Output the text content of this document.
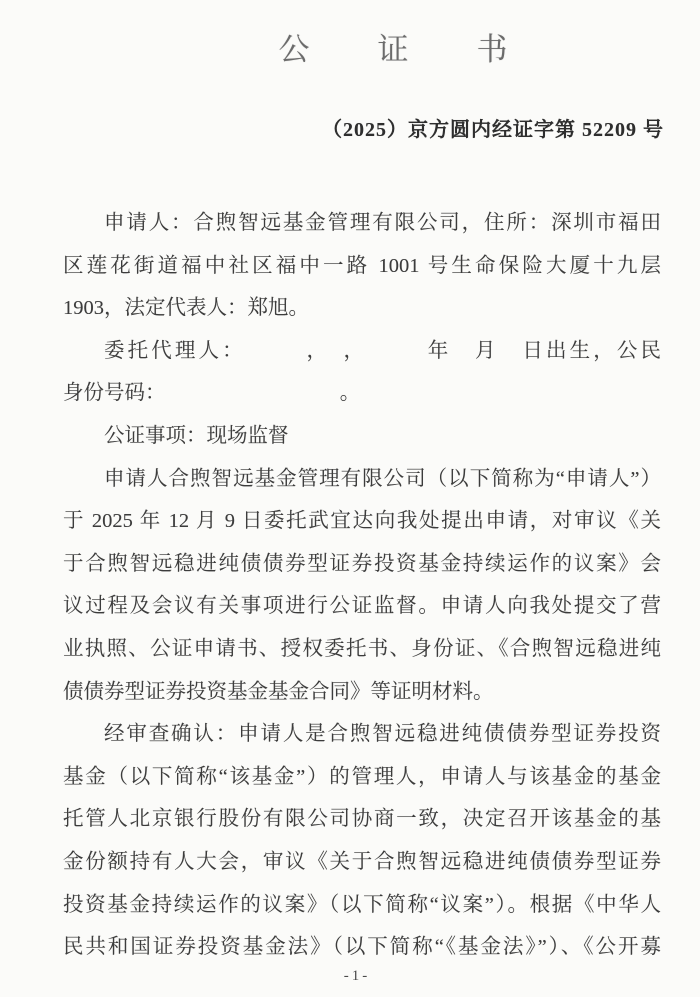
公　　证　　书
（2025）京方圆内经证字第 52209 号
申请人：合煦智远基金管理有限公司，住所：深圳市福田
区莲花街道福中社区福中一路 1001 号生命保险大厦十九层
1903，法定代表人：郑旭。
委托代理人：　　　，　，　　　年　月　日出生，公民
身份号码：　　　　　　　　　。
公证事项：现场监督
申请人合煦智远基金管理有限公司（以下简称为“申请人”）
于 2025 年 12 月 9 日委托武宜达向我处提出申请，对审议《关
于合煦智远稳进纯债债券型证券投资基金持续运作的议案》会
议过程及会议有关事项进行公证监督。申请人向我处提交了营
业执照、公证申请书、授权委托书、身份证、《合煦智远稳进纯
债债券型证券投资基金基金合同》等证明材料。
经审查确认：申请人是合煦智远稳进纯债债券型证券投资
基金（以下简称“该基金”）的管理人，申请人与该基金的基金
托管人北京银行股份有限公司协商一致，决定召开该基金的基
金份额持有人大会，审议《关于合煦智远稳进纯债债券型证券
投资基金持续运作的议案》（以下简称“议案”）。根据《中华人
民共和国证券投资基金法》（以下简称“《基金法》”）、《公开募
-1-
